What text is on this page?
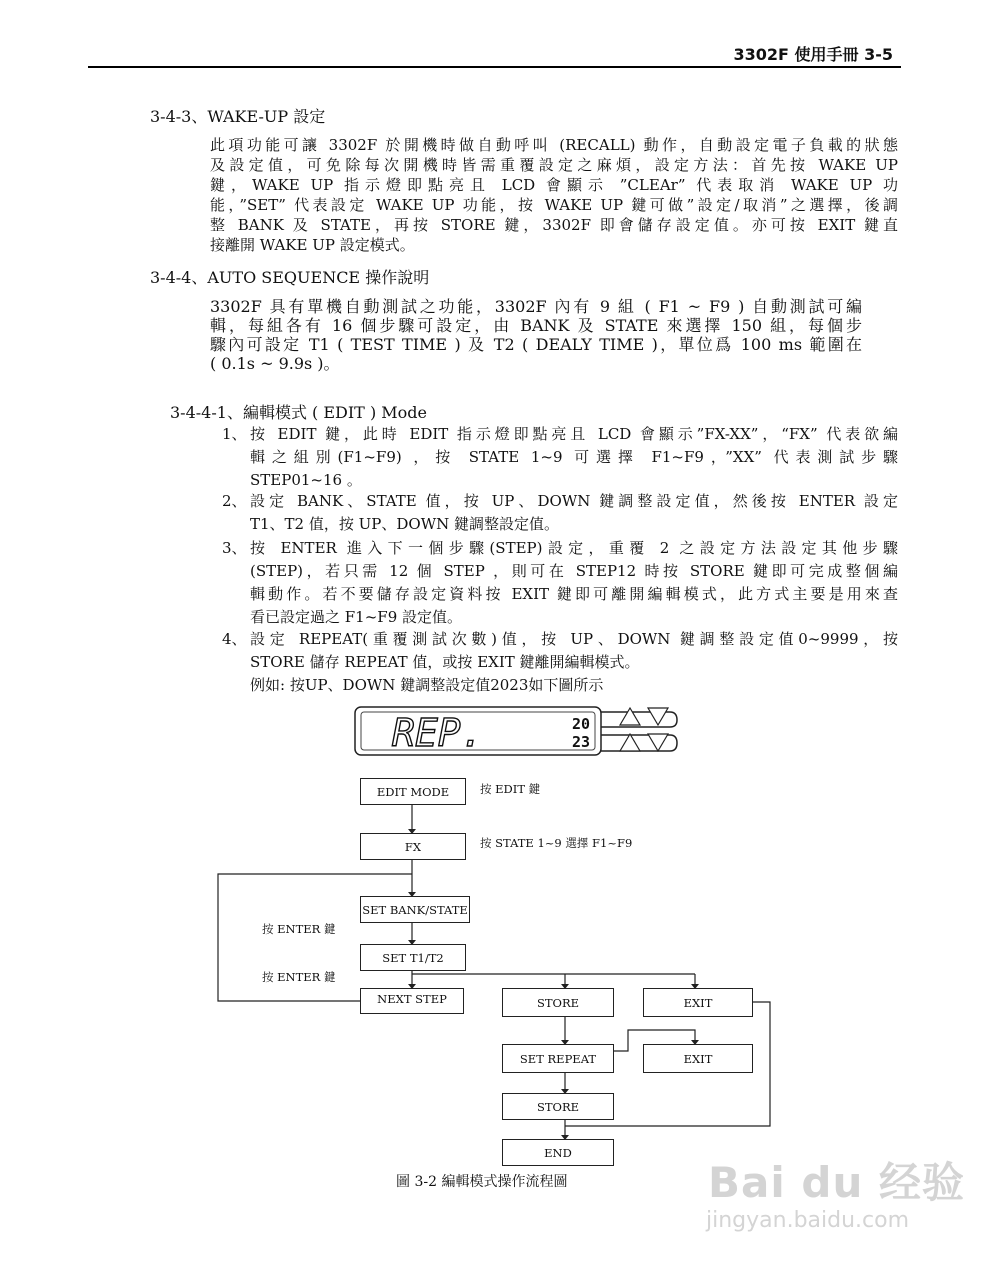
3302F 使用手冊 3-5
3-4-3、WAKE-UP 設定
此項功能可讓 3302F 於開機時做自動呼叫 (RECALL) 動作，自動設定電子負載的狀態
及設定值，可免除每次開機時皆需重覆設定之麻煩，設定方法：首先按 WAKE UP
鍵，WAKE UP 指示燈即點亮且 LCD 會顯示 ”CLEAr” 代表取消 WAKE UP 功
能，”SET” 代表設定 WAKE UP 功能，按 WAKE UP 鍵可做”設定/取消”之選擇，後調
整 BANK 及 STATE，再按 STORE 鍵，3302F 即會儲存設定值。亦可按 EXIT 鍵直
接離開 WAKE UP 設定模式。
3-4-4、AUTO SEQUENCE 操作說明
3302F 具有單機自動測試之功能，3302F 內有 9 組 ( F1 ~ F9 ) 自動測試可編
輯，每組各有 16 個步驟可設定，由 BANK 及 STATE 來選擇 150 組，每個步
驟內可設定 T1 ( TEST TIME ) 及 T2 ( DEALY TIME )，單位爲 100 ms 範圍在
( 0.1s ~ 9.9s )。
3-4-4-1、編輯模式 ( EDIT ) Mode
1、 按 EDIT 鍵，此時 EDIT 指示燈即點亮且 LCD 會顯示”FX-XX”，“FX” 代表欲編
輯之組別(F1~F9) ，按 STATE 1~9 可選擇 F1~F9，”XX” 代表測試步驟
STEP01~16 。
2、 設定 BANK、STATE 值，按 UP、DOWN 鍵調整設定值，然後按 ENTER 設定
T1、T2 值，按 UP、DOWN 鍵調整設定值。
3、 按 ENTER 進入下一個步驟(STEP)設定，重覆 2 之設定方法設定其他步驟
(STEP)，若只需 12 個 STEP ，則可在 STEP12 時按 STORE 鍵即可完成整個編
輯動作。若不要儲存設定資料按 EXIT 鍵即可離開編輯模式，此方式主要是用來查
看已設定過之 F1~F9 設定值。
4、 設定 REPEAT(重覆測試次數)值，按 UP、DOWN 鍵調整設定值0~9999，按
STORE 儲存 REPEAT 值，或按 EXIT 鍵離開編輯模式。
例如: 按UP、DOWN 鍵調整設定值2023如下圖所示
REP.	20
23
EDIT MODE
FX
SET BANK/STATE
SET T1/T2
NEXT STEP	STORE	EXIT
SET REPEAT	EXIT
STORE
END
按 EDIT 鍵
按 STATE 1~9 選擇 F1~F9
按 ENTER 鍵
按 ENTER 鍵
圖 3-2 編輯模式操作流程圖	Bai du 经验
jingyan.baidu.com
